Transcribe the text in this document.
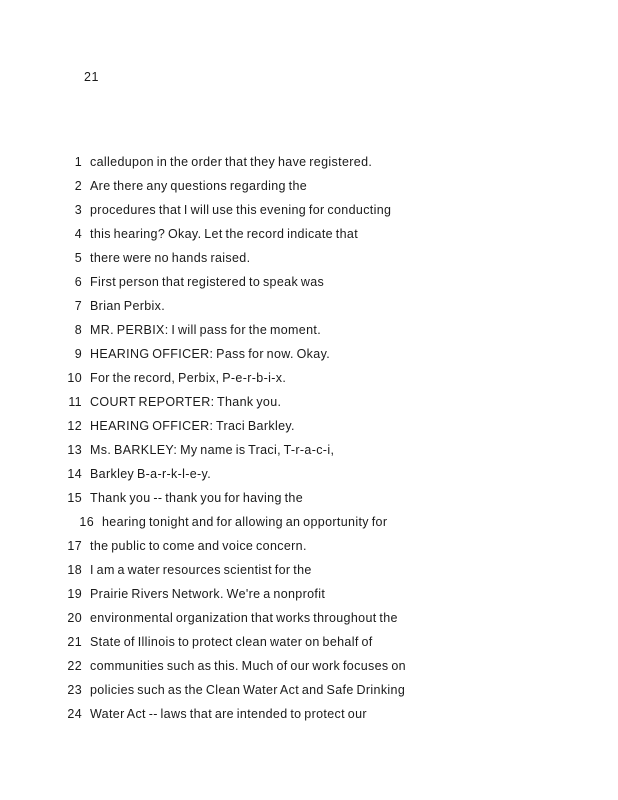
21
1 calledupon in the order that they have registered.
2 Are there any questions regarding the
3 procedures that I will use this evening for conducting
4 this hearing? Okay. Let the record indicate that
5 there were no hands raised.
6 First person that registered to speak was
7 Brian Perbix.
8 MR. PERBIX: I will pass for the moment.
9 HEARING OFFICER: Pass for now. Okay.
10 For the record, Perbix, P-e-r-b-i-x.
11 COURT REPORTER: Thank you.
12 HEARING OFFICER: Traci Barkley.
13 Ms. BARKLEY: My name is Traci, T-r-a-c-i,
14 Barkley B-a-r-k-l-e-y.
15 Thank you -- thank you for having the
16 hearing tonight and for allowing an opportunity for
17 the public to come and voice concern.
18 I am a water resources scientist for the
19 Prairie Rivers Network. We're a nonprofit
20 environmental organization that works throughout the
21 State of Illinois to protect clean water on behalf of
22 communities such as this. Much of our work focuses on
23 policies such as the Clean Water Act and Safe Drinking
24 Water Act -- laws that are intended to protect our
